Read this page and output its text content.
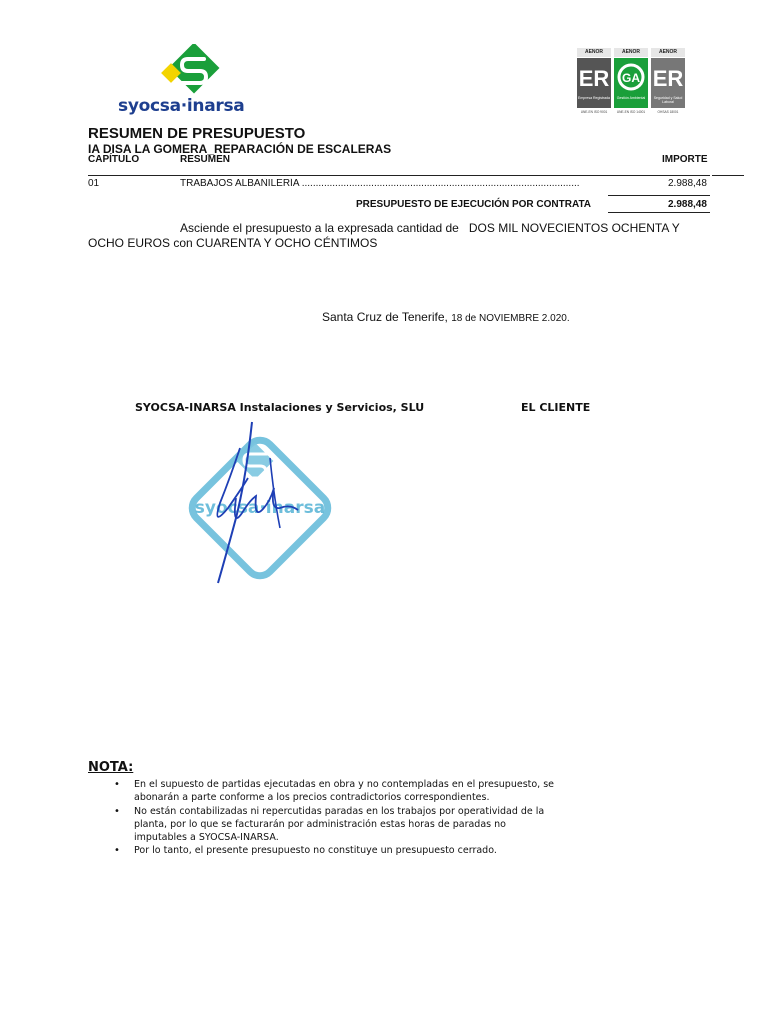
syocsa·inarsa
AENOR
ER
Empresa Registrada
UNE-EN ISO 9001
AENOR
GA
Gestión Ambiental
UNE-EN ISO 14001
AENOR
ER
Seguridad y Salud Laboral
OHSAS 18001
RESUMEN DE PRESUPUESTO
IA DISA LA GOMERA_REPARACIÓN DE ESCALERAS
CAPÍTULO	RESUMEN	IMPORTE
01	TRABAJOS ALBAÑILERÍA ....................................................................................................	2.988,48
PRESUPUESTO DE EJECUCIÓN POR CONTRATA	2.988,48
Asciende el presupuesto a la expresada cantidad de DOS MIL NOVECIENTOS OCHENTA Y OCHO EUROS con CUARENTA Y OCHO CÉNTIMOS
Santa Cruz de Tenerife, 18 de NOVIEMBRE 2.020.
SYOCSA-INARSA Instalaciones y Servicios, SLU	EL CLIENTE
syocsa·inarsa
NOTA:
• En el supuesto de partidas ejecutadas en obra y no contempladas en el presupuesto, se abonarán a parte conforme a los precios contradictorios correspondientes.
• No están contabilizadas ni repercutidas paradas en los trabajos por operatividad de la planta, por lo que se facturarán por administración estas horas de paradas no imputables a SYOCSA-INARSA.
• Por lo tanto, el presente presupuesto no constituye un presupuesto cerrado.
